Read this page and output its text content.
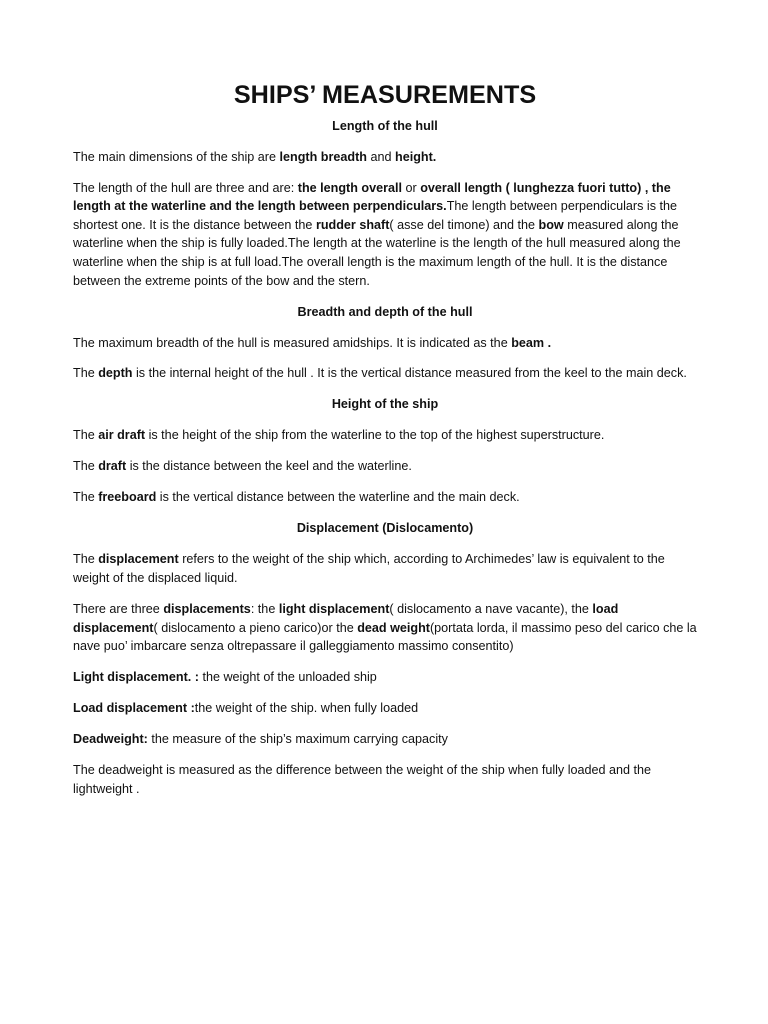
SHIPS’ MEASUREMENTS
Length of the hull

The main dimensions of the ship are length breadth and height.

The length of the hull are three and are: the length overall or overall length ( lunghezza fuori tutto) , the length at the waterline and the length between perpendiculars.The length between perpendiculars is the shortest one. It is the distance between the rudder shaft( asse del timone) and the bow measured along the waterline when the ship is fully loaded.The length at the waterline is the length of the hull measured along the waterline when the ship is at full load.The overall length is the maximum length of the hull. It is the distance between the extreme points of the bow and the stern.

Breadth and depth of the hull

The maximum breadth of the hull is measured amidships. It is indicated as the beam .

The depth is the internal height of the hull . It is the vertical distance measured from the keel to the main deck.

Height of the ship

The air draft is the height of the ship from the waterline to the top of the highest superstructure.

The draft is the distance between the keel and the waterline.

The freeboard is the vertical distance between the waterline and the main deck.

Displacement (Dislocamento)

The displacement refers to the weight of the ship which, according to Archimedes’ law is equivalent to the weight of the displaced liquid.

There are three displacements: the light displacement( dislocamento a nave vacante), the load displacement( dislocamento a pieno carico)or the dead weight(portata lorda, il massimo peso del carico che la nave puo’ imbarcare senza oltrepassare il galleggiamento massimo consentito)

Light displacement. : the weight of the unloaded ship

Load displacement :the weight of the ship. when fully loaded

Deadweight: the measure of the ship’s maximum carrying capacity

The deadweight is measured as the difference between the weight of the ship when fully loaded and the lightweight .
